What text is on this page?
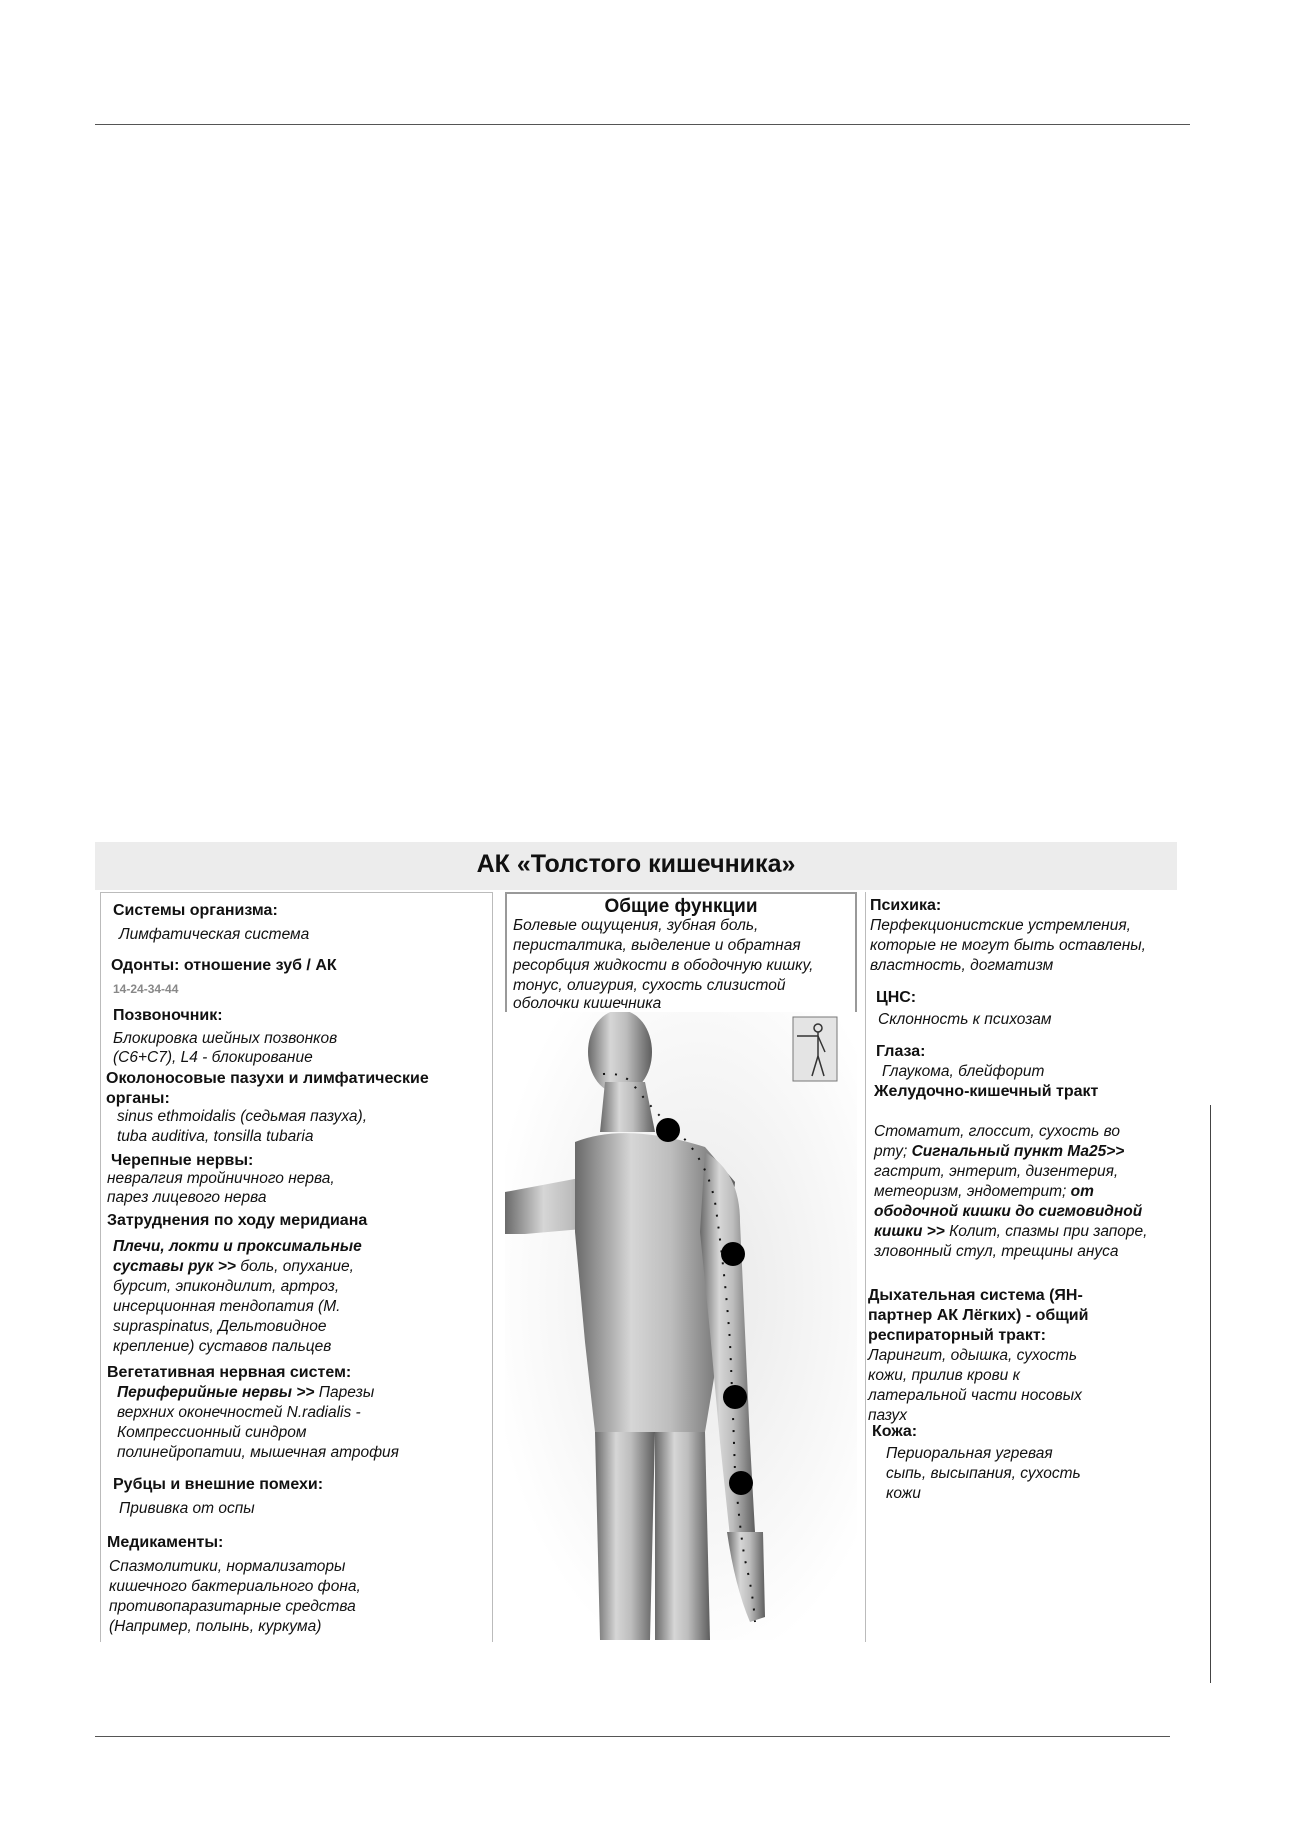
АК «Толстого кишечника»
Системы организма:
Лимфатическая система
Одонты: отношение зуб / АК
14-24-34-44
Позвоночник:
Блокировка шейных позвонков
(C6+C7), L4 - блокирование
Околоносовые пазухи и лимфатические
органы:
sinus ethmoidalis (седьмая пазуха),
tuba auditiva, tonsilla tubaria
Черепные нервы:
невралгия тройничного нерва,
парез лицевого нерва
Затруднения по ходу меридиана
Плечи, локти и проксимальные
суставы рук >> боль, опухание,
бурсит, эпикондилит, артроз,
инсерционная тендопатия (M.
supraspinatus, Дельтовидное
крепление) суставов пальцев
Вегетативная нервная систем:
Периферийные нервы >> Парезы
верхних оконечностей N.radialis -
Компрессионный синдром
полинейропатии, мышечная атрофия
Рубцы и внешние помехи:
Прививка от оспы
Медикаменты:
Спазмолитики, нормализаторы
кишечного бактериального фона,
противопаразитарные средства
(Например, полынь, куркума)
Общие функции
Болевые ощущения, зубная боль,
перисталтика, выделение и обратная
ресорбция жидкости в ободочную кишку,
тонус, олигурия, сухость слизистой
оболочки кишечника
Психика:
Перфекционистские устремления,
которые не могут быть оставлены,
властность, догматизм
ЦНС:
Склонность к психозам
Глаза:
Глаукома, блейфорит
Желудочно-кишечный тракт
Стоматит, глоссит, сухость во
рту; Сигнальный пункт Ма25>>
гастрит, энтерит, дизентерия,
метеоризм, эндометрит; от
ободочной кишки до сигмовидной
кишки >> Колит, спазмы при запоре,
зловонный стул, трещины ануса
Дыхательная система (ЯН-
партнер АК Лёгких) - общий
респираторный тракт:
Ларингит, одышка, сухость
кожи, прилив крови к
латеральной части носовых
пазух
Кожа:
Периоральная угревая
сыпь, высыпания, сухость
кожи
